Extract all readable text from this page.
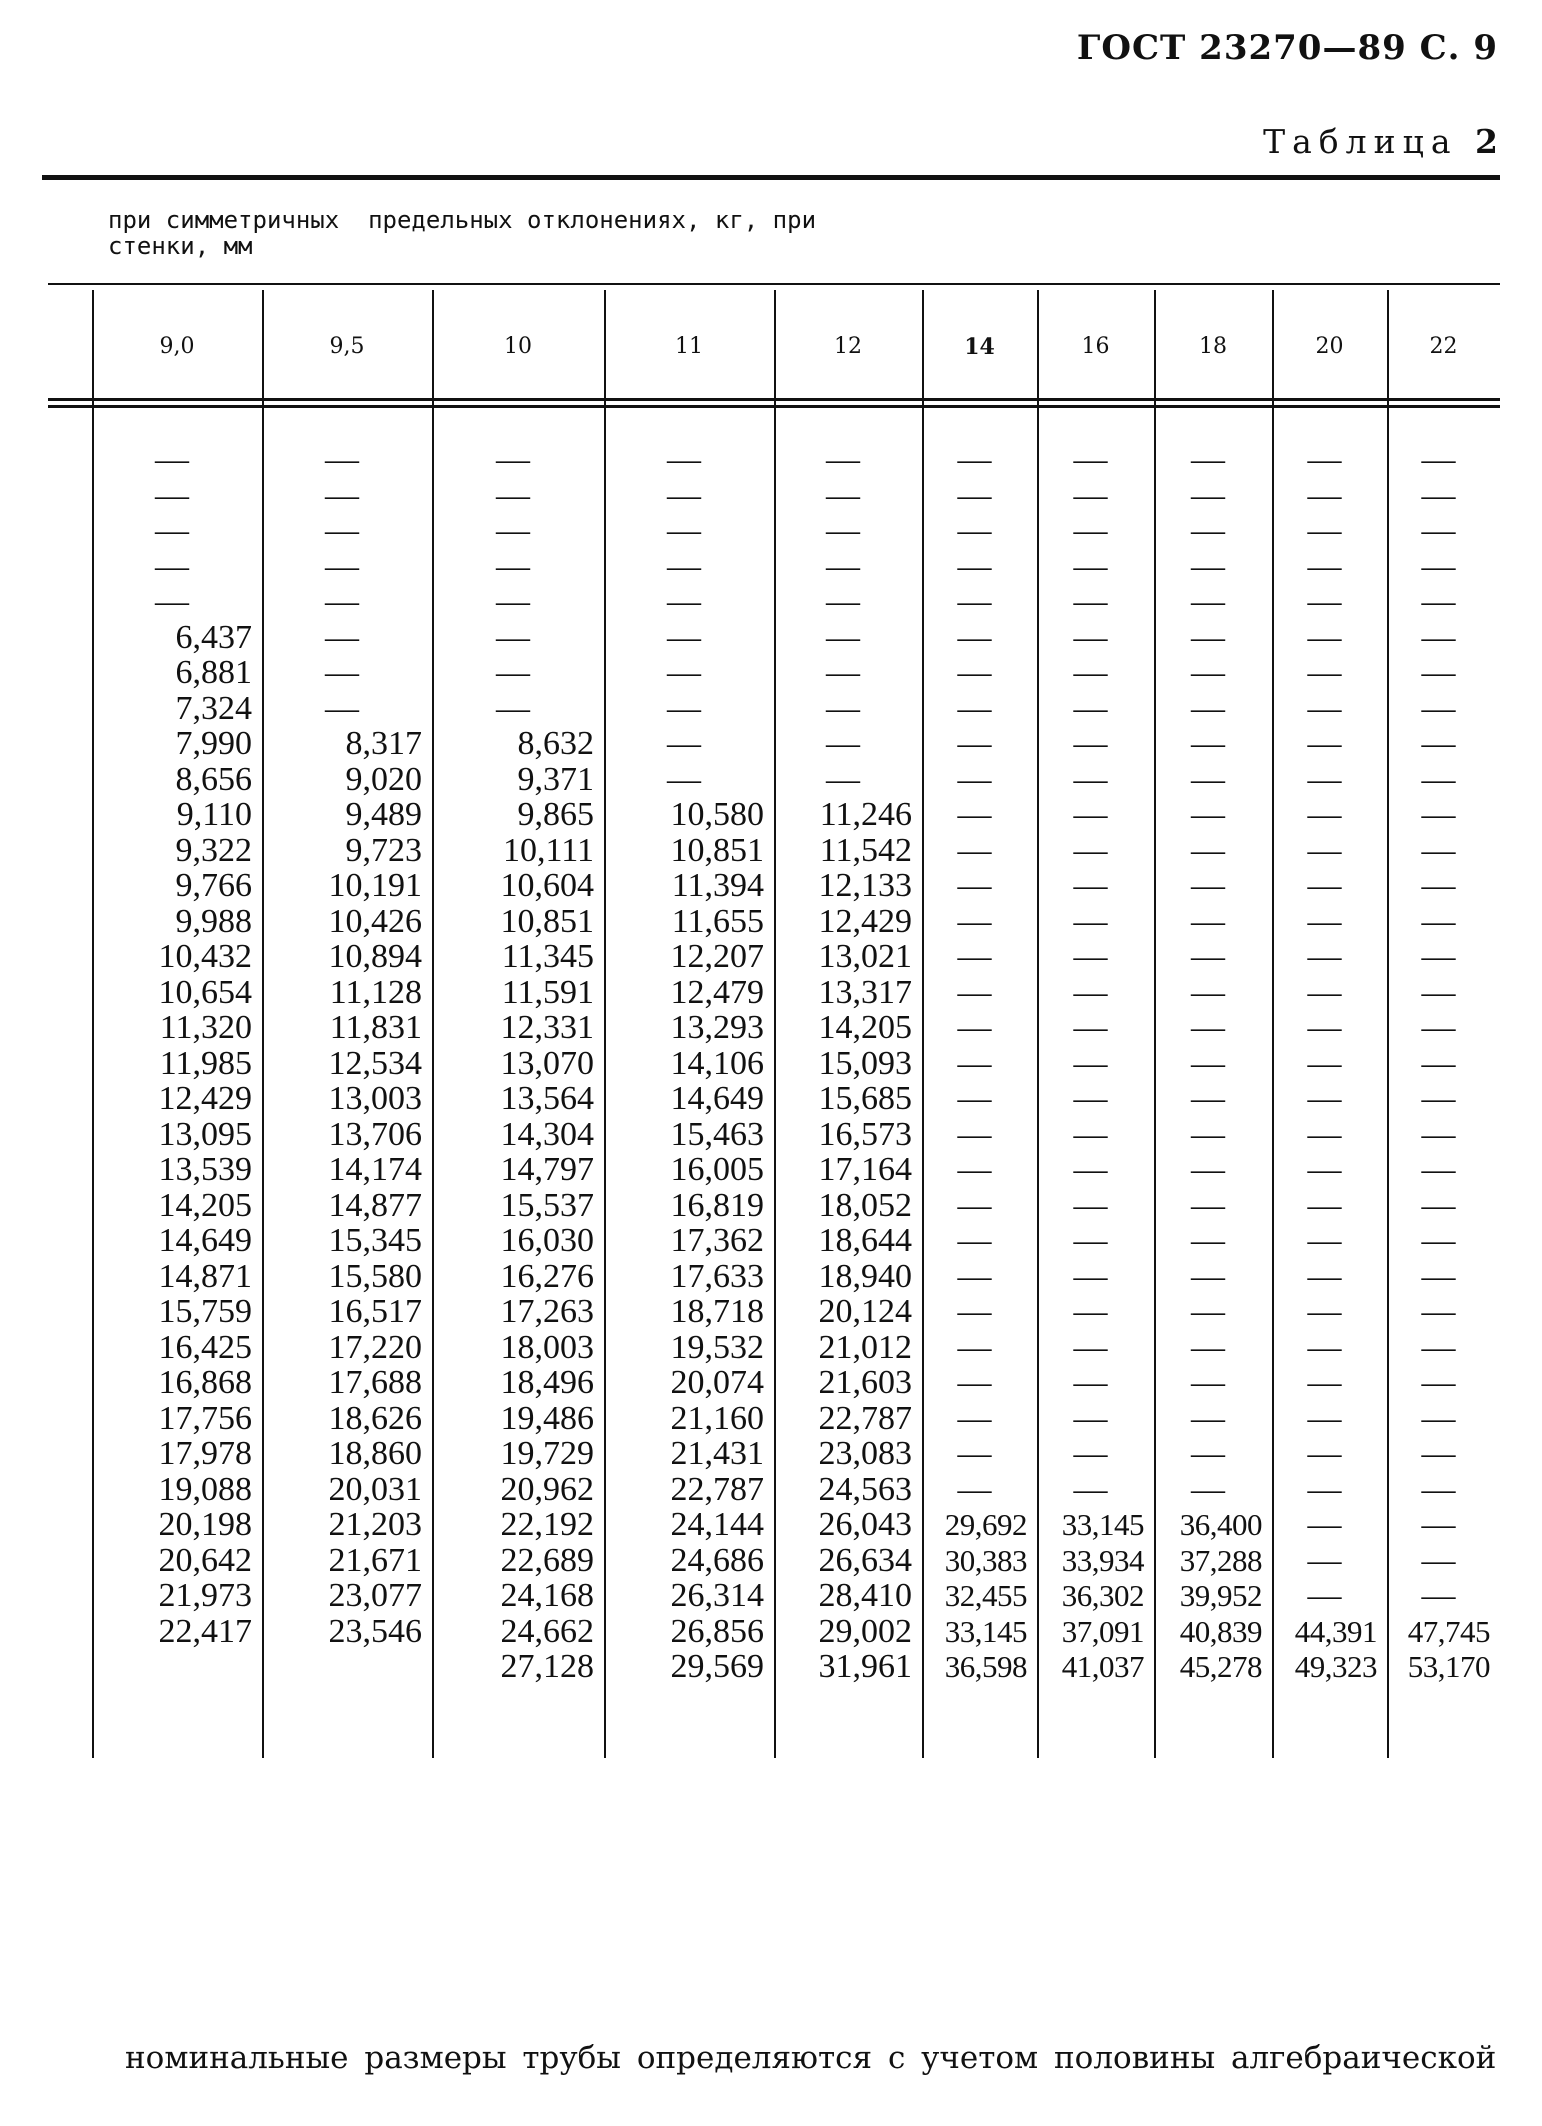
ГОСТ 23270—89 С. 9

Таблица 2

при симметричных  предельных отклонениях, кг, при
стенки, мм
9,0
—
—
—
—
—
6,437
6,881
7,324
7,990
8,656
9,110
9,322
9,766
9,988
10,432
10,654
11,320
11,985
12,429
13,095
13,539
14,205
14,649
14,871
15,759
16,425
16,868
17,756
17,978
19,088
20,198
20,642
21,973
22,417
9,5
—
—
—
—
—
—
—
—
8,317
9,020
9,489
9,723
10,191
10,426
10,894
11,128
11,831
12,534
13,003
13,706
14,174
14,877
15,345
15,580
16,517
17,220
17,688
18,626
18,860
20,031
21,203
21,671
23,077
23,546
10
—
—
—
—
—
—
—
—
8,632
9,371
9,865
10,111
10,604
10,851
11,345
11,591
12,331
13,070
13,564
14,304
14,797
15,537
16,030
16,276
17,263
18,003
18,496
19,486
19,729
20,962
22,192
22,689
24,168
24,662
27,128
11
—
—
—
—
—
—
—
—
—
—
10,580
10,851
11,394
11,655
12,207
12,479
13,293
14,106
14,649
15,463
16,005
16,819
17,362
17,633
18,718
19,532
20,074
21,160
21,431
22,787
24,144
24,686
26,314
26,856
29,569
12
—
—
—
—
—
—
—
—
—
—
11,246
11,542
12,133
12,429
13,021
13,317
14,205
15,093
15,685
16,573
17,164
18,052
18,644
18,940
20,124
21,012
21,603
22,787
23,083
24,563
26,043
26,634
28,410
29,002
31,961
14
—
—
—
—
—
—
—
—
—
—
—
—
—
—
—
—
—
—
—
—
—
—
—
—
—
—
—
—
—
—
29,692
30,383
32,455
33,145
36,598
16
—
—
—
—
—
—
—
—
—
—
—
—
—
—
—
—
—
—
—
—
—
—
—
—
—
—
—
—
—
—
33,145
33,934
36,302
37,091
41,037
18
—
—
—
—
—
—
—
—
—
—
—
—
—
—
—
—
—
—
—
—
—
—
—
—
—
—
—
—
—
—
36,400
37,288
39,952
40,839
45,278
20
—
—
—
—
—
—
—
—
—
—
—
—
—
—
—
—
—
—
—
—
—
—
—
—
—
—
—
—
—
—
—
—
—
44,391
49,323
22
—
—
—
—
—
—
—
—
—
—
—
—
—
—
—
—
—
—
—
—
—
—
—
—
—
—
—
—
—
—
—
—
—
47,745
53,170

номинальные размеры трубы определяются с учетом половины алгебраической
